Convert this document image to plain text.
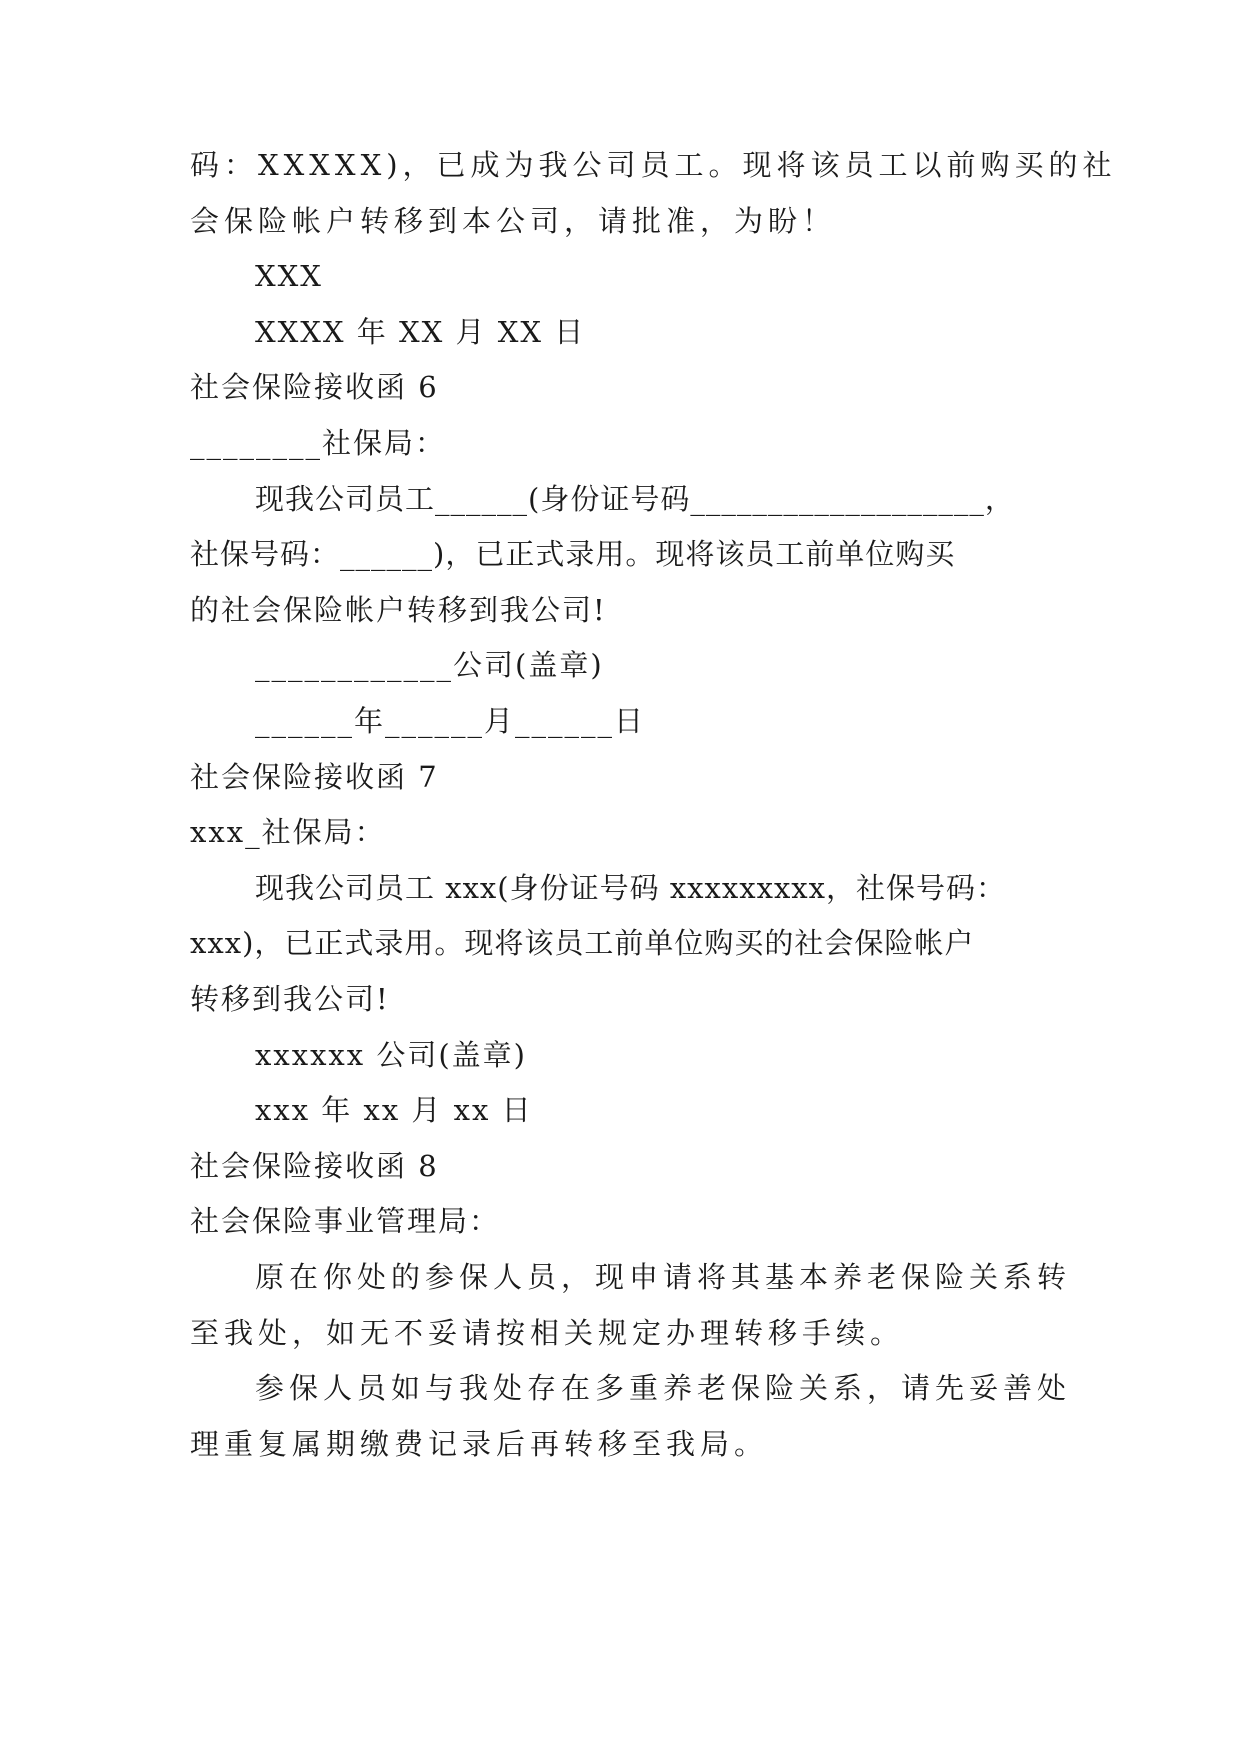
码：XXXXX)，已成为我公司员工。现将该员工以前购买的社
会保险帐户转移到本公司，请批准，为盼！
XXX
XXXX 年 XX 月 XX 日
社会保险接收函 6
________社保局：
现我公司员工______(身份证号码___________________，
社保号码：______)，已正式录用。现将该员工前单位购买
的社会保险帐户转移到我公司!
____________公司(盖章)
______年______月______日
社会保险接收函 7
xxx_社保局：
现我公司员工 xxx(身份证号码 xxxxxxxxx，社保号码：
xxx)，已正式录用。现将该员工前单位购买的社会保险帐户
转移到我公司!
xxxxxx 公司(盖章)
xxx 年 xx 月 xx 日
社会保险接收函 8
社会保险事业管理局：
原在你处的参保人员，现申请将其基本养老保险关系转
至我处，如无不妥请按相关规定办理转移手续。
参保人员如与我处存在多重养老保险关系，请先妥善处
理重复属期缴费记录后再转移至我局。
